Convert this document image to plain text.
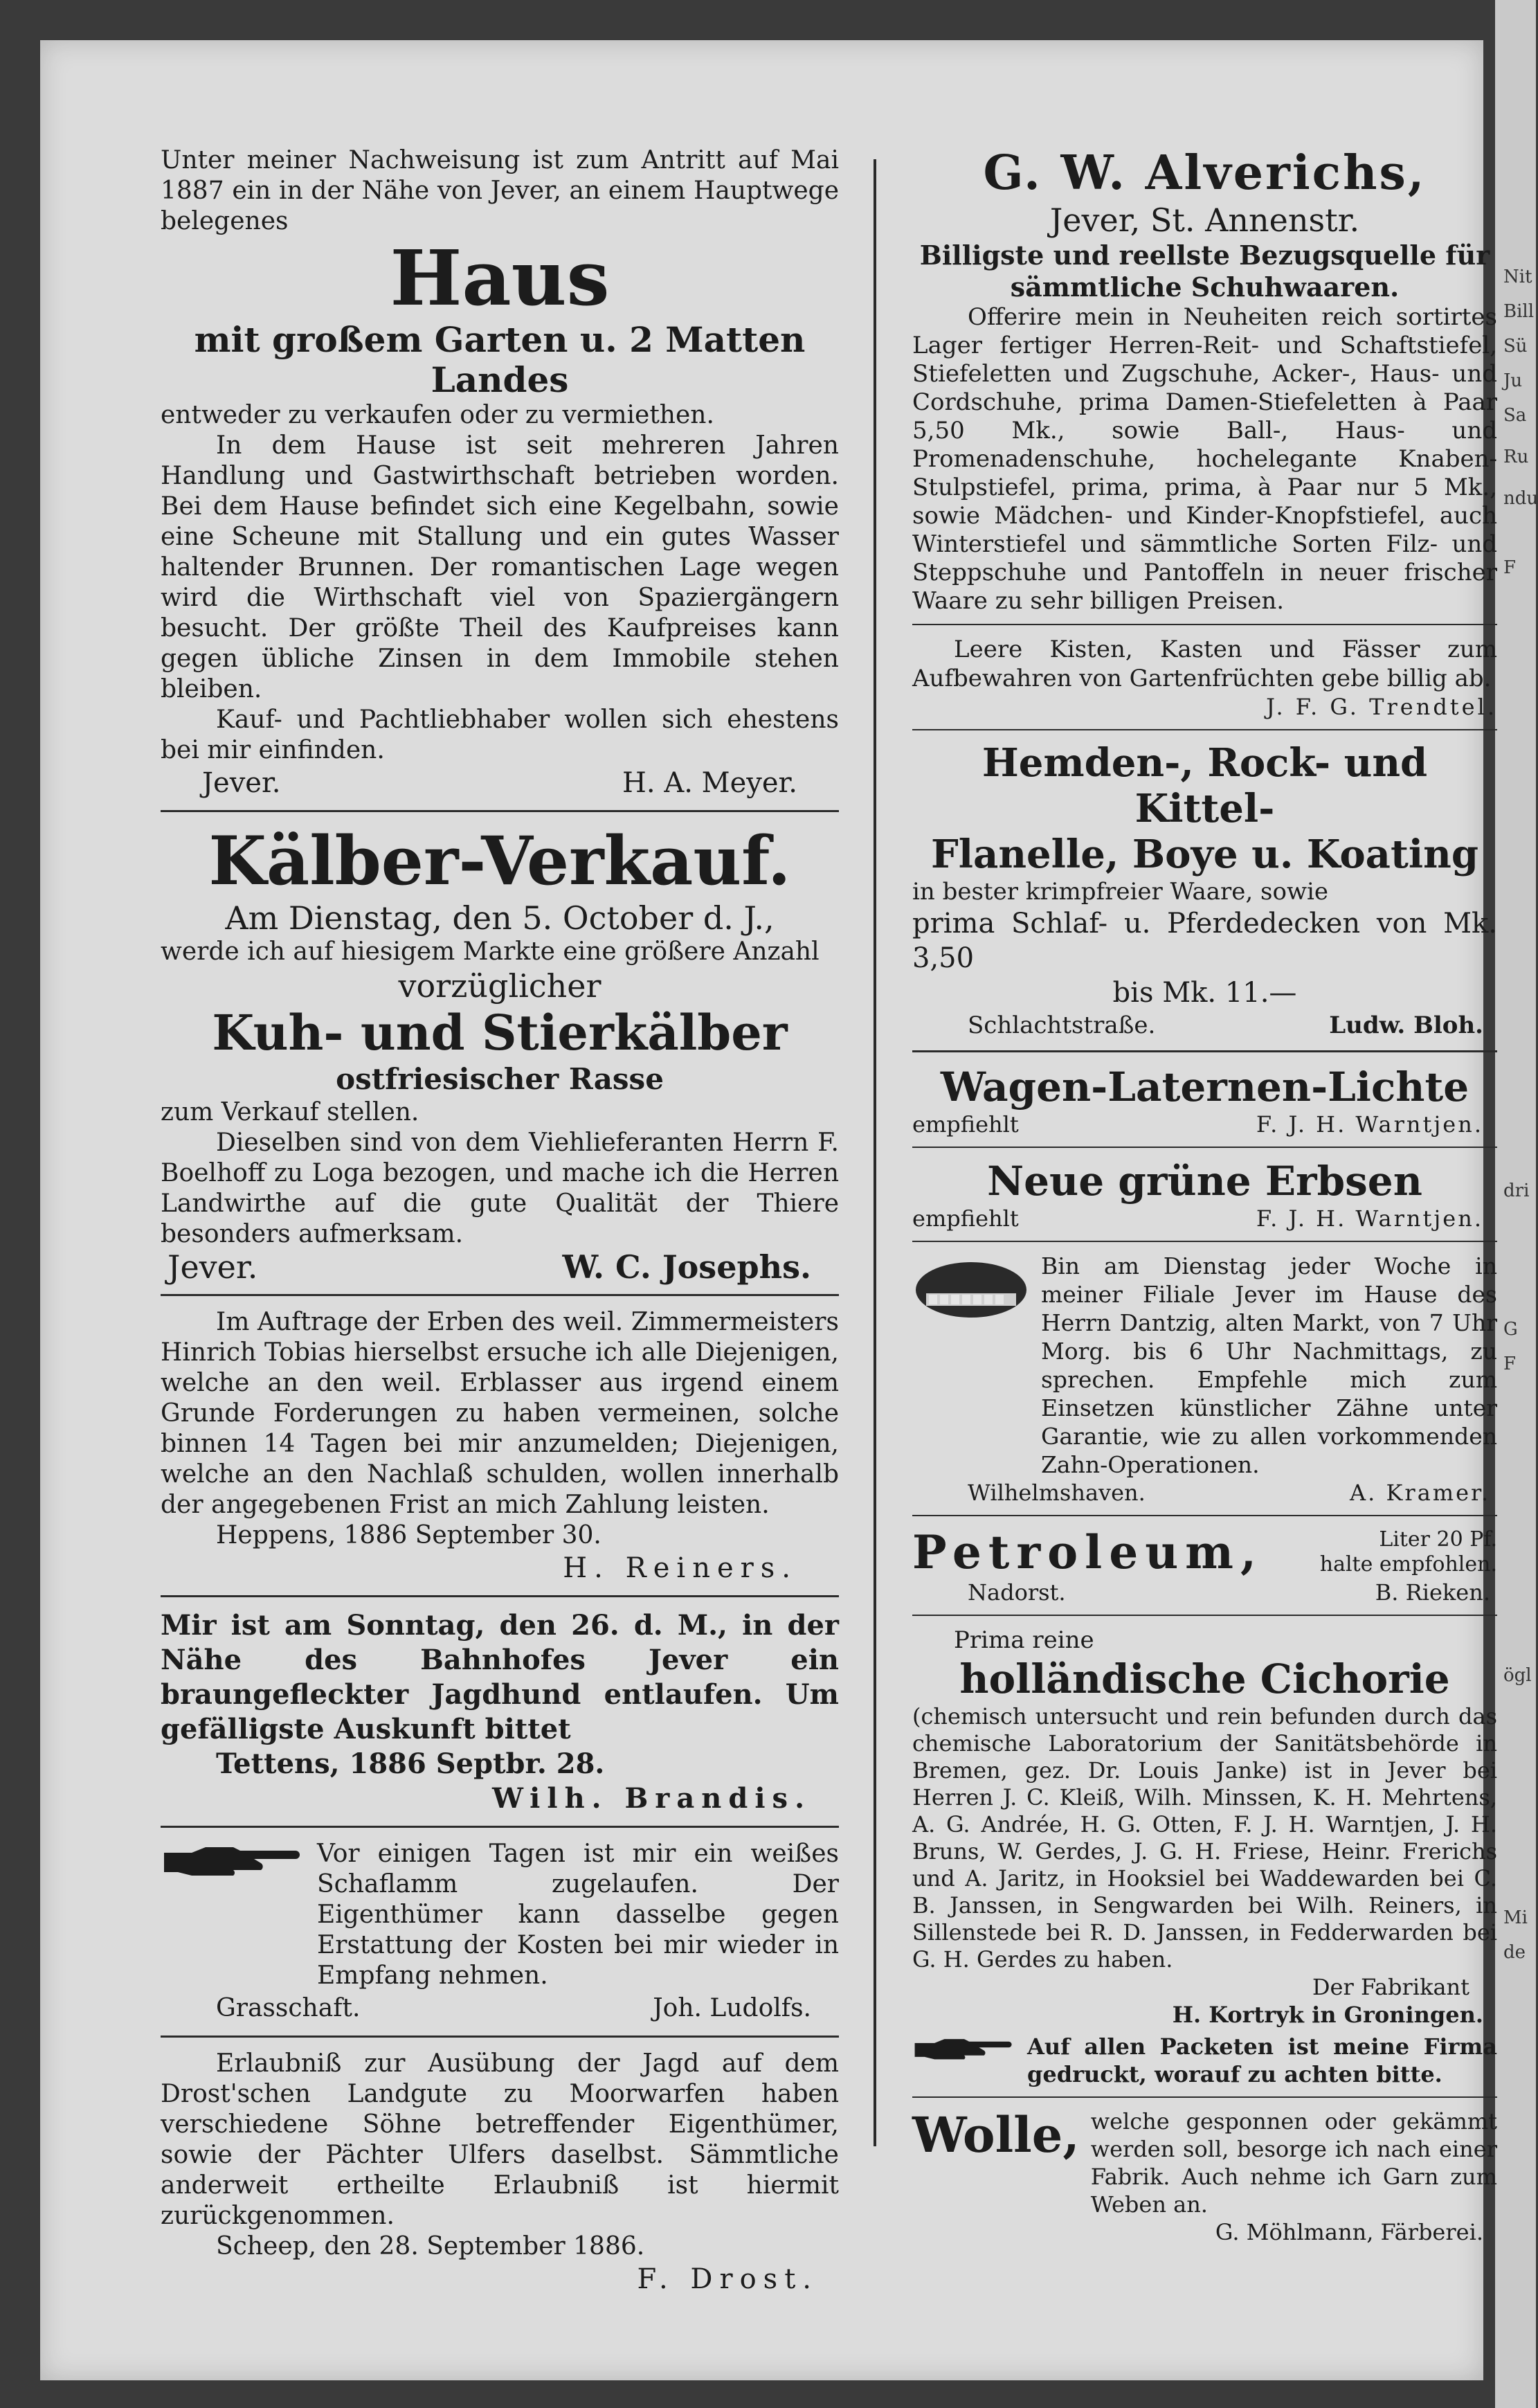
Nit
Bill
Sü
Ju
Sa
Ru
ndu
F
dri
G
F
ögl
Mi
de

Unter meiner Nachweisung ist zum Antritt auf Mai 1887 ein in der Nähe von Jever, an einem Hauptwege belegenes

Haus
mit großem Garten u. 2 Matten Landes

entweder zu verkaufen oder zu vermiethen.

In dem Hause ist seit mehreren Jahren Handlung und Gastwirthschaft betrieben worden. Bei dem Hause befindet sich eine Kegelbahn, sowie eine Scheune mit Stallung und ein gutes Wasser haltender Brunnen. Der romantischen Lage wegen wird die Wirthschaft viel von Spaziergängern besucht. Der größte Theil des Kaufpreises kann gegen übliche Zinsen in dem Immobile stehen bleiben.

Kauf- und Pachtliebhaber wollen sich ehestens bei mir einfinden.

Jever.	H. A. Meyer.
Kälber-Verkauf.
Am Dienstag, den 5. October d. J.,

werde ich auf hiesigem Markte eine größere Anzahl

vorzüglicher
Kuh- und Stierkälber
ostfriesischer Rasse

zum Verkauf stellen.

Dieselben sind von dem Viehlieferanten Herrn F. Boelhoff zu Loga bezogen, und mache ich die Herren Landwirthe auf die gute Qualität der Thiere besonders aufmerksam.

Jever.	W. C. Josephs.

Im Auftrage der Erben des weil. Zimmermeisters Hinrich Tobias hierselbst ersuche ich alle Diejenigen, welche an den weil. Erblasser aus irgend einem Grunde Forderungen zu haben vermeinen, solche binnen 14 Tagen bei mir anzumelden; Diejenigen, welche an den Nachlaß schulden, wollen innerhalb der angegebenen Frist an mich Zahlung leisten.

Heppens, 1886 September 30.

H. Reiners.

Mir ist am Sonntag, den 26. d. M., in der Nähe des Bahnhofes Jever ein braungefleckter Jagdhund entlaufen. Um gefälligste Auskunft bittet

Tettens, 1886 Septbr. 28.

Wilh. Brandis.

Vor einigen Tagen ist mir ein weißes Schaflamm zugelaufen. Der Eigenthümer kann dasselbe gegen Erstattung der Kosten bei mir wieder in Empfang nehmen.

Grasschaft.	Joh. Ludolfs.

Erlaubniß zur Ausübung der Jagd auf dem Drost'schen Landgute zu Moorwarfen haben verschiedene Söhne betreffender Eigenthümer, sowie der Pächter Ulfers daselbst. Sämmtliche anderweit ertheilte Erlaubniß ist hiermit zurückgenommen.

Scheep, den 28. September 1886.

F. Drost.
G. W. Alverichs,
Jever, St. Annenstr.
Billigste und reellste Bezugsquelle für sämmtliche Schuhwaaren.

Offerire mein in Neuheiten reich sortirtes Lager fertiger Herren-Reit- und Schaftstiefel, Stiefeletten und Zugschuhe, Acker-, Haus- und Cordschuhe, prima Damen-Stiefeletten à Paar 5,50 Mk., sowie Ball-, Haus- und Promenadenschuhe, hochelegante Knaben-Stulpstiefel, prima, prima, à Paar nur 5 Mk., sowie Mädchen- und Kinder-Knopfstiefel, auch Winterstiefel und sämmtliche Sorten Filz- und Steppschuhe und Pantoffeln in neuer frischer Waare zu sehr billigen Preisen.

Leere Kisten, Kasten und Fässer zum Aufbewahren von Gartenfrüchten gebe billig ab.

J. F. G. Trendtel.
Hemden-, Rock- und Kittel-
Flanelle, Boye u. Koating

in bester krimpfreier Waare, sowie

prima Schlaf- u. Pferdedecken von Mk. 3,50
bis Mk. 11.—
Schlachtstraße.	Ludw. Bloh.
Wagen-Laternen-Lichte
empfiehlt	F. J. H. Warntjen.
Neue grüne Erbsen
empfiehlt	F. J. H. Warntjen.

Bin am Dienstag jeder Woche in meiner Filiale Jever im Hause des Herrn Dantzig, alten Markt, von 7 Uhr Morg. bis 6 Uhr Nachmittags, zu sprechen. Empfehle mich zum Einsetzen künstlicher Zähne unter Garantie, wie zu allen vorkommenden Zahn-Operationen.

Wilhelmshaven.	A. Kramer.
Petroleum,	Liter 20 Pf.
halte empfohlen.
Nadorst.	B. Rieken.

Prima reine

holländische Cichorie

(chemisch untersucht und rein befunden durch das chemische Laboratorium der Sanitätsbehörde in Bremen, gez. Dr. Louis Janke) ist in Jever bei Herren J. C. Kleiß, Wilh. Minssen, K. H. Mehrtens, A. G. Andrée, H. G. Otten, F. J. H. Warntjen, J. H. Bruns, W. Gerdes, J. G. H. Friese, Heinr. Frerichs und A. Jaritz, in Hooksiel bei Waddewarden bei C. B. Janssen, in Sengwarden bei Wilh. Reiners, in Sillenstede bei R. D. Janssen, in Fedderwarden bei G. H. Gerdes zu haben.

Der Fabrikant
H. Kortryk in Groningen.

Auf allen Packeten ist meine Firma gedruckt, worauf zu achten bitte.

Wolle, welche gesponnen oder gekämmt werden soll, besorge ich nach einer Fabrik. Auch nehme ich Garn zum Weben an.

G. Möhlmann, Färberei.
